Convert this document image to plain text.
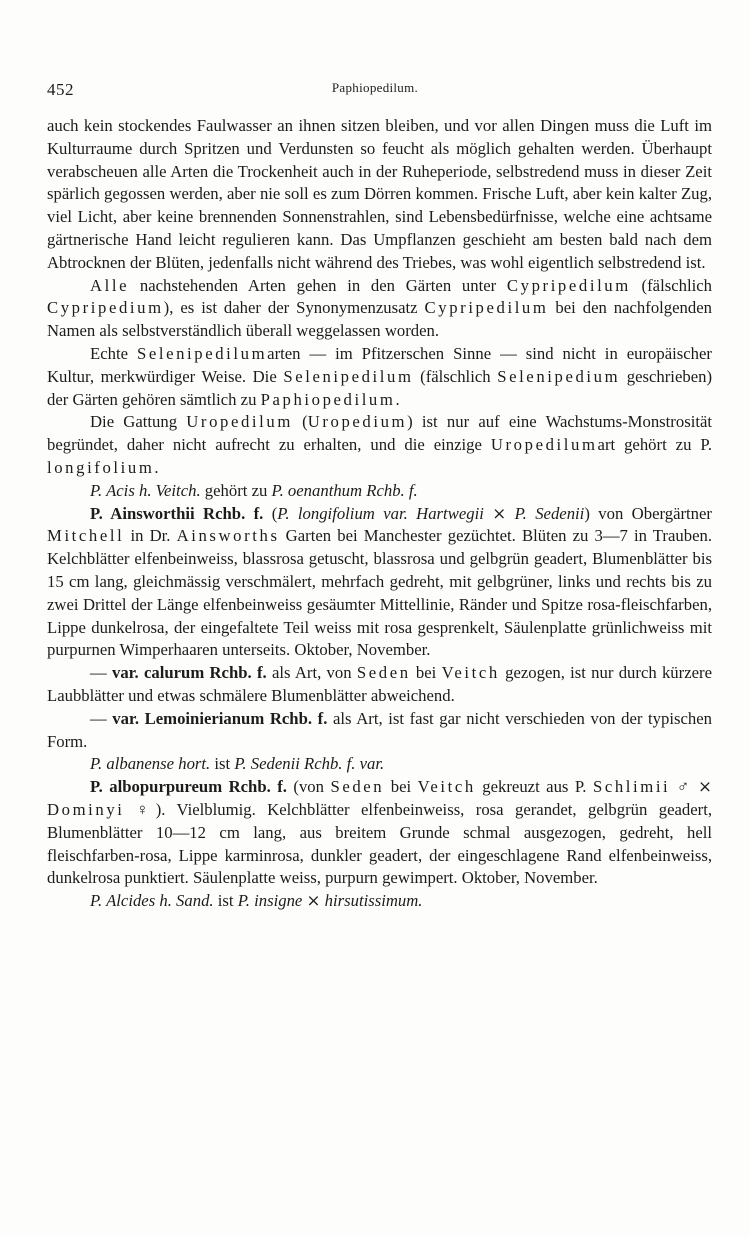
452	Paphiopedilum.

auch kein stockendes Faulwasser an ihnen sitzen bleiben, und vor allen Dingen muss die Luft im Kulturraume durch Spritzen und Verdunsten so feucht als möglich gehalten werden. Überhaupt verabscheuen alle Arten die Trockenheit auch in der Ruheperiode, selbstredend muss in dieser Zeit spärlich gegossen werden, aber nie soll es zum Dörren kommen. Frische Luft, aber kein kalter Zug, viel Licht, aber keine brennenden Sonnenstrahlen, sind Lebensbedürfnisse, welche eine achtsame gärtnerische Hand leicht regulieren kann. Das Umpflanzen geschieht am besten bald nach dem Abtrocknen der Blüten, jedenfalls nicht während des Triebes, was wohl eigentlich selbstredend ist.

Alle nachstehenden Arten gehen in den Gärten unter Cypripedilum (fälschlich Cypripedium), es ist daher der Synonymenzusatz Cypripedilum bei den nachfolgenden Namen als selbstverständlich überall weggelassen worden.

Echte Selenipedilumarten — im Pfitzerschen Sinne — sind nicht in europäischer Kultur, merkwürdiger Weise. Die Selenipedilum (fälschlich Selenipedium geschrieben) der Gärten gehören sämtlich zu Paphiopedilum.

Die Gattung Uropedilum (Uropedium) ist nur auf eine Wachstums-Monstrosität begründet, daher nicht aufrecht zu erhalten, und die einzige Uropedilumart gehört zu P. longifolium.

P. Acis h. Veitch. gehört zu P. oenanthum Rchb. f.

P. Ainsworthii Rchb. f. (P. longifolium var. Hartwegii ⨯ P. Sedenii) von Obergärtner Mitchell in Dr. Ainsworths Garten bei Manchester gezüchtet. Blüten zu 3—7 in Trauben. Kelchblätter elfenbeinweiss, blassrosa getuscht, blassrosa und gelbgrün geadert, Blumenblätter bis 15 cm lang, gleichmässig verschmälert, mehrfach gedreht, mit gelbgrüner, links und rechts bis zu zwei Drittel der Länge elfenbeinweiss gesäumter Mittellinie, Ränder und Spitze rosa-fleischfarben, Lippe dunkelrosa, der eingefaltete Teil weiss mit rosa gesprenkelt, Säulenplatte grünlichweiss mit purpurnen Wimperhaaren unterseits. Oktober, November.

— var. calurum Rchb. f. als Art, von Seden bei Veitch gezogen, ist nur durch kürzere Laubblätter und etwas schmälere Blumenblätter abweichend.

— var. Lemoinierianum Rchb. f. als Art, ist fast gar nicht verschieden von der typischen Form.

P. albanense hort. ist P. Sedenii Rchb. f. var.

P. albopurpureum Rchb. f. (von Seden bei Veitch gekreuzt aus P. Schlimii ♂ ⨯ Dominyi ♀). Vielblumig. Kelchblätter elfenbeinweiss, rosa gerandet, gelbgrün geadert, Blumenblätter 10—12 cm lang, aus breitem Grunde schmal ausgezogen, gedreht, hell fleischfarben-rosa, Lippe karminrosa, dunkler geadert, der eingeschlagene Rand elfenbeinweiss, dunkelrosa punktiert. Säulenplatte weiss, purpurn gewimpert. Oktober, November.

P. Alcides h. Sand. ist P. insigne ⨯ hirsutissimum.
